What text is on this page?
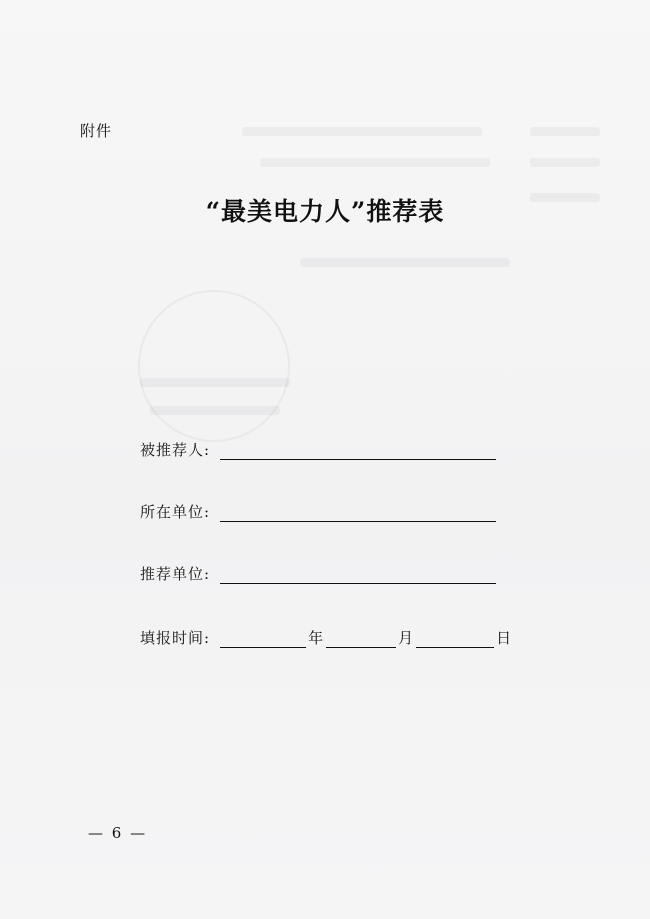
附件
“最美电力人”推荐表
被推荐人:
所在单位:
推荐单位:
填报时间:	年	月	日
— 6 —
